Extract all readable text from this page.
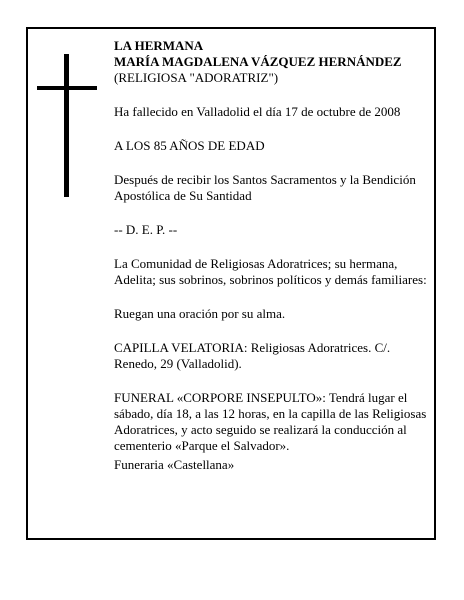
LA HERMANA

MARÍA MAGDALENA VÁZQUEZ HERNÁNDEZ

(RELIGIOSA "ADORATRIZ")

Ha fallecido en Valladolid el día 17 de octubre de 2008

A LOS 85 AÑOS DE EDAD

Después de recibir los Santos Sacramentos y la Bendición Apostólica de Su Santidad

-- D. E. P. --

La Comunidad de Religiosas Adoratrices; su hermana, Adelita; sus sobrinos, sobrinos políticos y demás familiares:

Ruegan una oración por su alma.

CAPILLA VELATORIA: Religiosas Adoratrices. C/. Renedo, 29 (Valladolid).

FUNERAL «CORPORE INSEPULTO»: Tendrá lugar el sábado, día 18, a las 12 horas, en la capilla de las Religiosas Adoratrices, y acto seguido se realizará la conducción al cementerio «Parque el Salvador».

Funeraria «Castellana»
